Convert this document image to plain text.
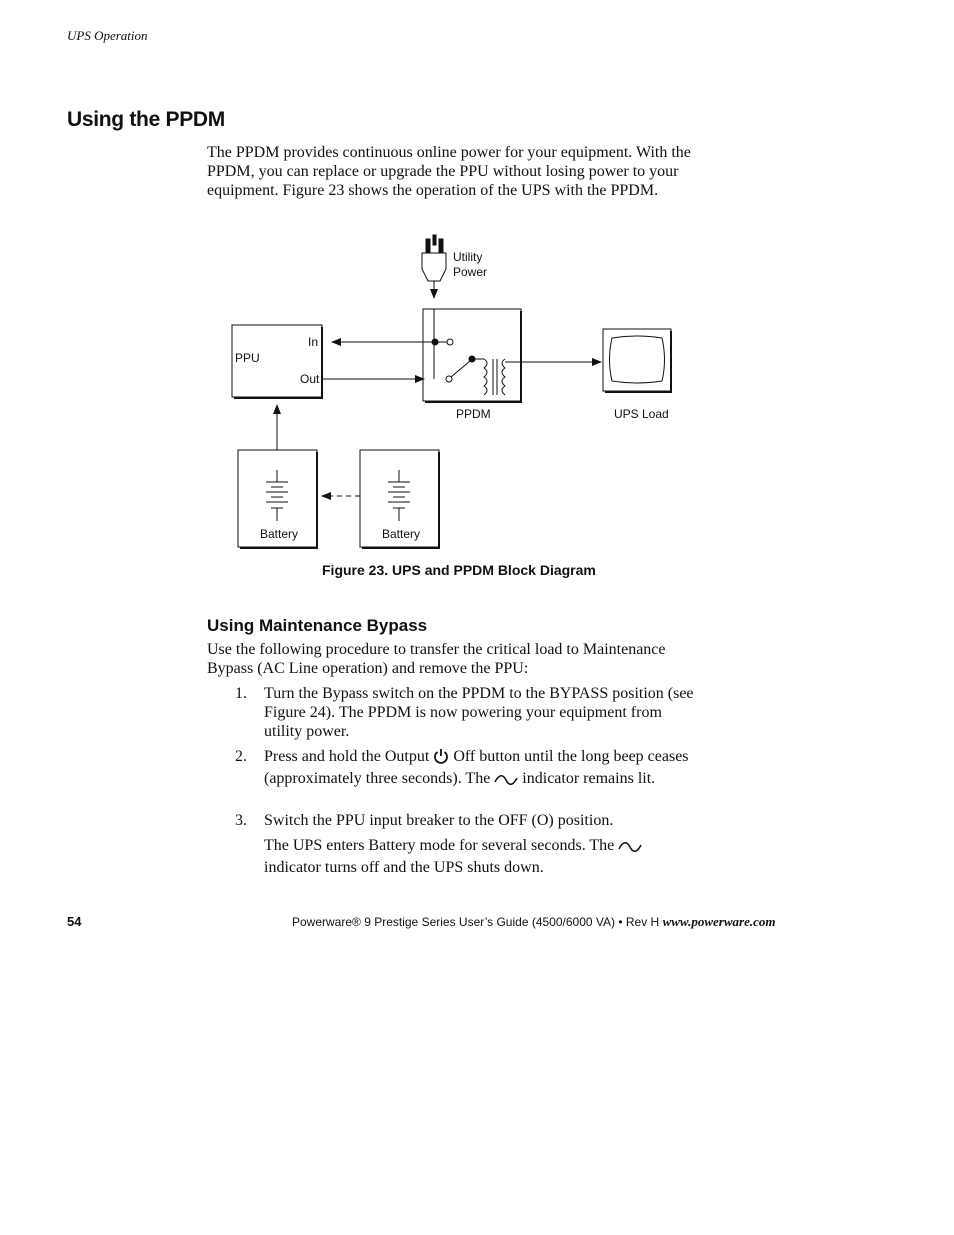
UPS Operation
Using the PPDM
The PPDM provides continuous online power for your equipment. With the PPDM, you can replace or upgrade the PPU without losing power to your equipment. Figure 23 shows the operation of the UPS with the PPDM.
Utility
Power
PPU
In
Out
PPDM	UPS Load
Battery	Battery
Figure 23. UPS and PPDM Block Diagram
Using Maintenance Bypass
Use the following procedure to transfer the critical load to Maintenance Bypass (AC Line operation) and remove the PPU:
1. Turn the Bypass switch on the PPDM to the BYPASS position (see Figure 24). The PPDM is now powering your equipment from utility power.
2. Press and hold the Output Off button until the long beep ceases (approximately three seconds). The indicator remains lit.
3. Switch the PPU input breaker to the OFF (O) position.
The UPS enters Battery mode for several seconds. The  indicator turns off and the UPS shuts down.
54	Powerware® 9 Prestige Series User’s Guide (4500/6000 VA) • Rev H www.powerware.com
